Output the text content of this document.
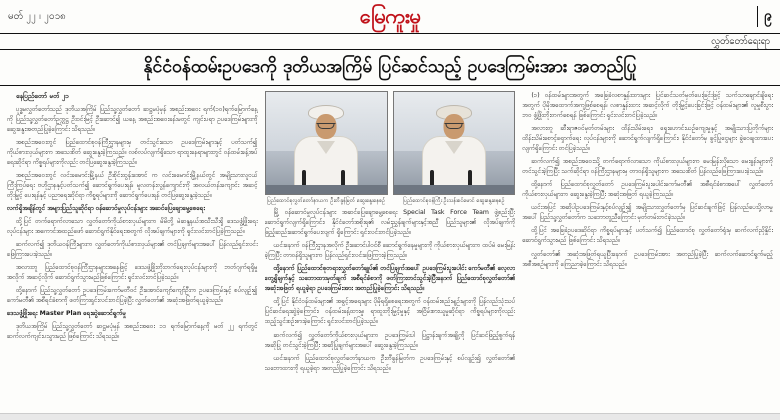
မတ် ၂၂ ၊ ၂၀၁၈	မြေကူးမှု	၉
လွှတ်တော်ရေးရာ
နိုင်ငံဝန်ထမ်းဥပဒေကို ဒုတိယအကြိမ် ပြင်ဆင်သည့် ဥပဒေကြမ်းအား အတည်ပြု

နေပြည်တော် မတ် ၂၁

ပုဒ္ဓမလွှတ်တော်သည် ဒုတိယအကြိမ် ပြည်သူ့လွှတ်တော် ဆဋ္ဌမပုံမှန် အစည်းအဝေး ရက်(၁၀)ရက်မြောက်နေ့ကို ပြည်သူ့လွှတ်တော်ဥက္ကဋ္ဌ ဦးဝင်းမြင့် ဦးဆောင်၍ ယနေ့ အစည်းအဝေးခန်းမတွင် ကျင်းပရာ ဥပဒေကြမ်းများကို ဆွေးနွေးအတည်ပြုခဲ့ကြောင်း သိရသည်။

အစည်းအဝေးတွင် ပြည်ထောင်စုဝန်ကြီးဌာနများမှ တင်သွင်းသော ဥပဒေကြမ်းများနှင့် ပတ်သက်၍ ကိုယ်စားလှယ်များက အသေးစိတ် ဆွေးနွေးခဲ့ကြသည်။ လစ်လပ်လျက်ရှိသော ရာထူးနေရာများတွင် ဝန်ထမ်းခန့်အပ်ရေးဆိုင်ရာ ကိစ္စရပ်များကိုလည်း တင်ပြဆွေးနွေးခဲ့ကြသည်။

အစည်းအဝေးတွင် လင်းခမောင်းမြို့နယ် ဦးစိုင်းထွန်းအောင် က လင်းခမောင်းမြို့နယ်တွင် အမျိုးသားလူငယ်ကြီးကြပ်ရေး ဗဟိုဌာနနှင့်ပတ်သက်၍ ဆောင်ရွက်ပေးရန်၊ မူလတန်းလွန်ကျောင်းကို အလယ်တန်းကျောင်း အဆင့်တိုးမြှင့် ပေးရန်နှင့် ပညာရေးဆိုင်ရာ ကိစ္စရပ်များကို ဆောင်ရွက်ပေးရန် တင်ပြဆွေးနွေးခဲ့သည်။

လက်ရှိအချိန်တွင် အများပြည်သူဆိုင်ရာ ဝန်ဆောင်မှုလုပ်ငန်းများ အဆင်ပြေချောမွေ့စေရေး

ထို့ပြင် တက်ရောက်လာသော လွှတ်တော်ကိုယ်စားလှယ်များက မိမိတို့ မဲဆန္ဒနယ်အသီးသီးရှိ ဒေသဖွံ့ဖြိုးရေး လုပ်ငန်းများ အကောင်အထည်ဖော် ဆောင်ရွက်နိုင်ရေးအတွက် လိုအပ်ချက်များကို ရှင်းလင်းတင်ပြခဲ့ကြသည်။

ဆက်လက်၍ ဒုတိယဝန်ကြီးများက လွှတ်တော်ကိုယ်စားလှယ်များ၏ တင်ပြချက်များအပေါ် ပြန်လည်ရှင်းလင်း ဖြေကြားပေးခဲ့သည်။

အလားတူ ပြည်ထောင်စုဝန်ကြီးဌာနများအနေဖြင့် ဒေသဖွံ့ဖြိုးတိုးတက်ရေးလုပ်ငန်းများကို ဘတ်ဂျက်ရရှိမှုအလိုက် အဆင့်လိုက် ဆောင်ရွက်သွားမည်ဖြစ်ကြောင်း ရှင်းလင်းတင်ပြခဲ့သည်။

ထို့နောက် ပြည်သူ့လွှတ်တော် ဥပဒေကြမ်းကော်မတီဝင် ဦးအောင်ကျော်ကျော်ဦးက ဥပဒေကြမ်းနှင့် စပ်လျဉ်း၍ ကော်မတီ၏ အစီရင်ခံစာကို ဖတ်ကြားရှင်းလင်းတင်ပြခဲ့ပြီး လွှတ်တော်၏ အဆုံးအဖြတ်ရယူခဲ့သည်။

ဒေသဖွံ့ဖြိုးရေး Master Plan ရေးဆွဲဆောင်ရွက်မှု

ဒုတိယအကြိမ် ပြည်သူ့လွှတ်တော် ဆဋ္ဌမပုံမှန် အစည်းအဝေး ၁၁ ရက်မြောက်နေ့ကို မတ် ၂၂ ရက်တွင် ဆက်လက်ကျင်းပသွားမည် ဖြစ်ကြောင်း သိရသည်။

ပြည်ထောင်စုလွှတ်တော်နာယက ဦးတီခွန်မြတ် ဆွေးနွေးနေစဉ်	ပြည်ထောင်စုဝန်ကြီး ဦးသန်းစင်မောင် ဆွေးနွေးနေစဉ်

မြို့ ဝန်ဆောင်မှုလုပ်ငန်းများ အဆင်ပြေချောမွေ့စေရေး Special Task Force Team ဖွဲ့စည်းပြီး ဆောင်ရွက်လျက်ရှိကြောင်း၊ နိုင်ငံတော်အစိုးရ၏ လမ်းညွှန်ချက်များနှင့်အညီ ပြည်သူများ၏ လိုအပ်ချက်ကို ဖြည့်ဆည်းဆောင်ရွက်ပေးလျက် ရှိကြောင်း ရှင်းလင်းတင်ပြခဲ့သည်။

ယင်းနောက် ဝန်ကြီးဌာနအလိုက် ဦးဆောင်ပါဝင်စီ ဆောင်ရွက်နေမှုများကို ကိုယ်စားလှယ်များက ထပ်မံ မေးမြန်းခဲ့ကြပြီး တာဝန်ရှိသူများက ပြန်လည်ရှင်းလင်းဖြေကြားခဲ့ကြသည်။

ထို့နောက် ပြည်ထောင်စုတရားလွှတ်တော်ချုပ်၏ တင်ပြချက်အပေါ် ဥပဒေကြမ်းပူးပေါင်း ကော်မတီ၏ လေ့လာတွေ့ရှိချက်နှင့် သဘောထားမှတ်ချက် အစီရင်ခံစာကို ဖတ်ကြားတင်သွင်းခဲ့ပြီးနောက် ပြည်ထောင်စုလွှတ်တော်၏ အဆုံးအဖြတ် ရယူခဲ့ရာ ဥပဒေကြမ်းအား အတည်ပြုခဲ့ကြောင်း သိရသည်။

ထို့ပြင် နိုင်ငံဝန်ထမ်းများ၏ အခွင့်အရေးများ ပိုမိုရရှိစေရေးအတွက် ဝန်ထမ်းစည်းမျဉ်းများကို ပြန်လည်သုံးသပ် ပြင်ဆင်ရေးဆွဲခဲ့ကြောင်း၊ ဝန်ထမ်းခန့်ထားမှု၊ ရာထူးတိုးမြှင့်မှုနှင့် အငြိမ်းစားယူမှုဆိုင်ရာ ကိစ္စရပ်များကိုလည်း ထည့်သွင်းစဉ်းစားခဲ့ကြောင်း ရှင်းလင်းတင်ပြခဲ့သည်။

ဆက်လက်၍ လွှတ်တော်ကိုယ်စားလှယ်များက ဥပဒေကြမ်းပါ ပြဋ္ဌာန်းချက်အချို့ကို ပြင်ဆင်ဖြည့်စွက်ရန် အဆိုပြု တင်သွင်းခဲ့ကြပြီး အဆိုပြုချက်များအပေါ် ဆွေးနွေးခဲ့ကြသည်။

ယင်းနောက် ပြည်ထောင်စုလွှတ်တော်နာယက ဦးတီခွန်မြတ်က ဥပဒေကြမ်းနှင့် စပ်လျဉ်း၍ လွှတ်တော်၏ သဘောထားကို ရယူခဲ့ရာ အတည်ပြုခဲ့ကြောင်း သိရသည်။

(၁) ဝန်ထမ်းများအတွက် အခြေခံလစာနှုန်းထားများ ပြင်ဆင်သတ်မှတ်ပေးခြင်းဖြင့် သက်သာချောင်ချိရေးအတွက် ပိုမိုအထောက်အကူဖြစ်စေရန်၊ လစာနှုန်းထား အဆင့်လိုက် တိုးမြှင့်ပေးခြင်းဖြင့် ဝန်ထမ်းများ၏ လူမှုစီးပွားဘဝ ဖွံ့ဖြိုးတိုးတက်စေရန် ဖြစ်ကြောင်း ရှင်းလင်းတင်ပြခဲ့သည်။

အလားတူ ဆီးရာဇဝင်မှတ်တမ်းများ ထိန်းသိမ်းရေး၊ ရှေးဟောင်းယဉ်ကျေးမှုနှင့် အမျိုးသားပြတိုက်များ ထိန်းသိမ်းစောင့်ရှောက်ရေး လုပ်ငန်းများကို ဆောင်ရွက်လျက်ရှိကြောင်း၊ နိုင်ငံတော်မှ ခွင့်ပြုငွေများ ခွဲဝေချထားပေးလျက်ရှိကြောင်း တင်ပြခဲ့သည်။

ဆက်လက်၍ အစည်းအဝေးသို့ တက်ရောက်လာသော ကိုယ်စားလှယ်များက မေးမြန်းလိုသော မေးခွန်းများကို တင်သွင်းခဲ့ကြပြီး သက်ဆိုင်ရာ ဝန်ကြီးဌာနများမှ တာဝန်ရှိသူများက အသေးစိတ် ပြန်လည်ဖြေကြားပေးခဲ့သည်။

ထို့နောက် ပြည်ထောင်စုလွှတ်တော် ဥပဒေကြမ်းပူးပေါင်းကော်မတီ၏ အစီရင်ခံစာအပေါ် လွှတ်တော်ကိုယ်စားလှယ်များက ဆွေးနွေးခဲ့ကြပြီး အဆုံးအဖြတ် ရယူခဲ့ကြသည်။

ယင်းအပြင် အဆိုပါဥပဒေကြမ်းနှင့်စပ်လျဉ်း၍ အမျိုးသားလွှတ်တော်မှ ပြင်ဆင်ချက်ဖြင့် ပြန်လည်ပေးပို့လာမှုအပေါ် ပြည်သူ့လွှတ်တော်က သဘောတူညီကြောင်း မှတ်တမ်းတင်ခဲ့သည်။

ထို့ပြင် အခြေခံဥပဒေဆိုင်ရာ ကိစ္စရပ်များနှင့် ပတ်သက်၍ ပြည်ထောင်စု လွှတ်တော်ရုံးမှ ဆက်လက်ညှိနှိုင်းဆောင်ရွက်သွားမည် ဖြစ်ကြောင်း သိရသည်။

လွှတ်တော်၏ အဆုံးအဖြတ်ရယူပြီးနောက် ဥပဒေကြမ်းအား အတည်ပြုခဲ့ပြီး ဆက်လက်ဆောင်ရွက်မည့် အစီအစဉ်များကို ကြေညာခဲ့ကြောင်း သိရသည်။
